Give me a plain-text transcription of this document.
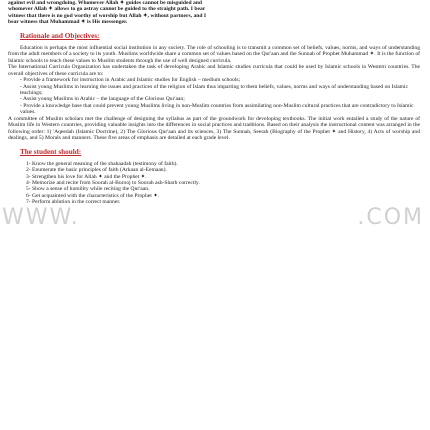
against evil and wrongdoing. Whomever Allah ✦ guides cannot be misguided and

whomever Allah ✦ allows to go astray cannot be guided to the straight path. I bear

witness that there is no god worthy of worship but Allah ✦, without partners, and I

bear witness that Muhammad ✦ is His messenger.

Rationale and Objectives:

Education is perhaps the most influential social institution in any society. The role of schooling is to transmit a common set of beliefs, values, norms, and ways of understanding from the adult members of a society to its youth. Muslims worldwide share a common set of values based on the Qur'aan and the Sunnah of Prophet Muhammad ✦. It is the function of Islamic schools to teach these values to Muslim students through the use of well designed curricula.

The International Curricula Organization has undertaken the task of developing Arabic and Islamic studies curricula that could be used by Islamic schools in Western countries. The overall objectives of these curricula are to:

- Provide a framework for instruction in Arabic and Islamic studies for English – medium schools;
- Assist young Muslims in learning the issues and practices of the religion of Islam thus imparting to them beliefs, values, norms and ways of understanding based on Islamic teachings;
- Assist young Muslims in Arabic – the language of the Glorious Qur'aan;
- Provide a knowledge base that could prevent young Muslims living in non-Muslim countries from assimilating non-Muslim cultural practices that are contradictory to Islamic values.

A committee of Muslim scholars met the challenge of designing the syllabus as part of the groundwork for developing textbooks. The initial work entailed a study of the nature of Muslim life in Western countries, providing valuable insights into the differences in social practices and traditions. Based on their analysis the instructional content was arranged in the following order: 1) 'Aqeedah (Islamic Doctrine), 2) The Glorious Qur'aan and its sciences, 3) The Sunnah, Seerah (Biography of the Prophet ✦ and History, 4) Acts of worship and dealings, and 5) Morals and manners. These five areas of emphasis are detailed at each grade level.

The student should:
1- Know the general meaning of the shahaadah (testimony of faith).
2- Enumerate the basic principles of faith (Arkaan al-Eemaan).
3- Strengthen his love for Allah ✦ and the Prophet ✦.
4- Memorize and recite from Soorah al-Burooj to Soorah ash-Sharh correctly.
5- Show a sense of humility while reciting the Qur'aan.
6- Get acquainted with the characteristics of the Prophet ✦.
7- Perform ablution in the correct manner.
WWW.	.COM
